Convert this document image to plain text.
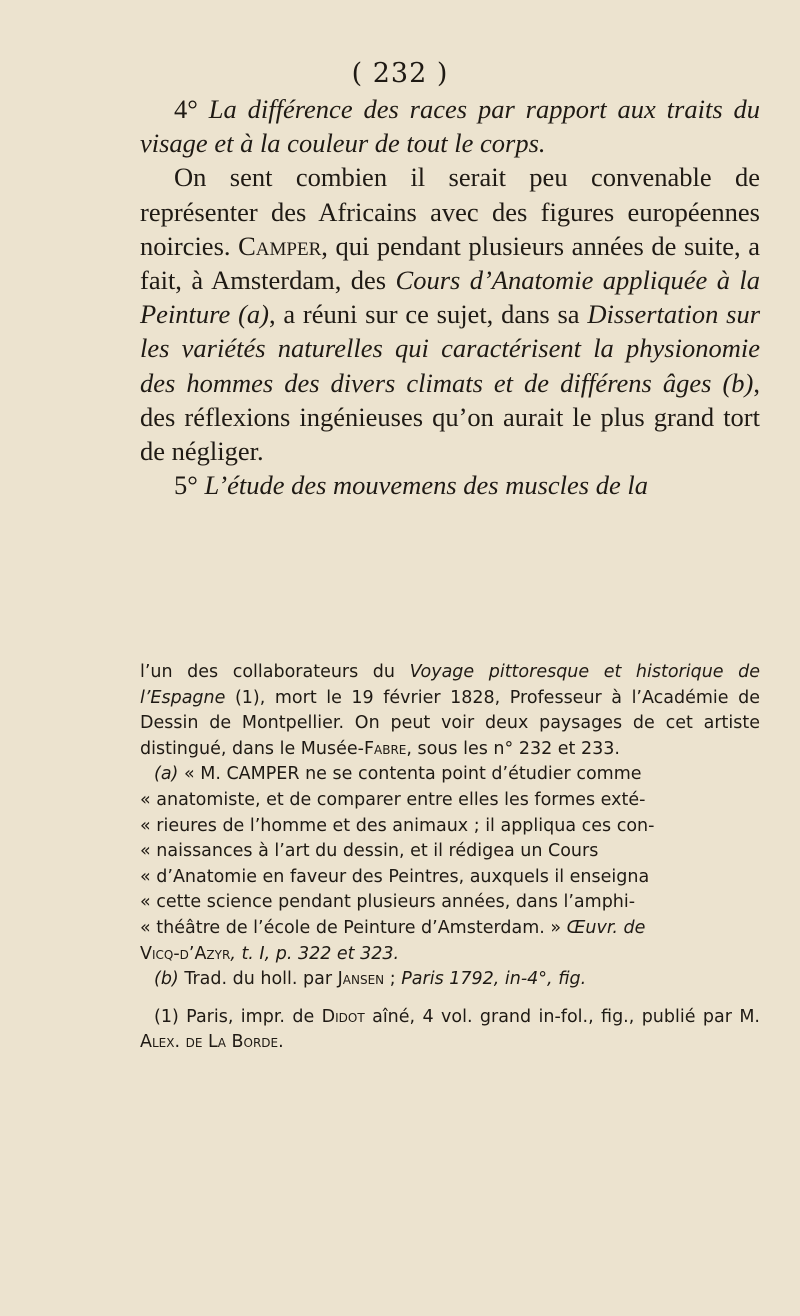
( 232 )

4° La différence des races par rapport aux traits du visage et à la couleur de tout le corps.

On sent combien il serait peu convenable de représenter des Africains avec des figures européennes noircies. Camper, qui pendant plusieurs années de suite, a fait, à Amsterdam, des Cours d’Anatomie appliquée à la Peinture (a), a réuni sur ce sujet, dans sa Dissertation sur les variétés naturelles qui caractérisent la physionomie des hommes des divers climats et de différens âges (b), des réflexions ingénieuses qu’on aurait le plus grand tort de négliger.

5° L’étude des mouvemens des muscles de la

l’un des collaborateurs du Voyage pittoresque et historique de l’Espagne (1), mort le 19 février 1828, Professeur à l’Académie de Dessin de Montpellier. On peut voir deux paysages de cet artiste distingué, dans le Musée-Fabre, sous les n° 232 et 233.

(a) « M. CAMPER ne se contenta point d’étudier comme
« anatomiste, et de comparer entre elles les formes exté-
« rieures de l’homme et des animaux ; il appliqua ces con-
« naissances à l’art du dessin, et il rédigea un Cours
« d’Anatomie en faveur des Peintres, auxquels il enseigna
« cette science pendant plusieurs années, dans l’amphi-
« théâtre de l’école de Peinture d’Amsterdam. » Œuvr. de
Vicq-d’Azyr, t. I, p. 322 et 323.
(b) Trad. du holl. par Jansen ; Paris 1792, in-4°, fig.

(1) Paris, impr. de Didot aîné, 4 vol. grand in-fol., fig., publié par M. Alex. de La Borde.
